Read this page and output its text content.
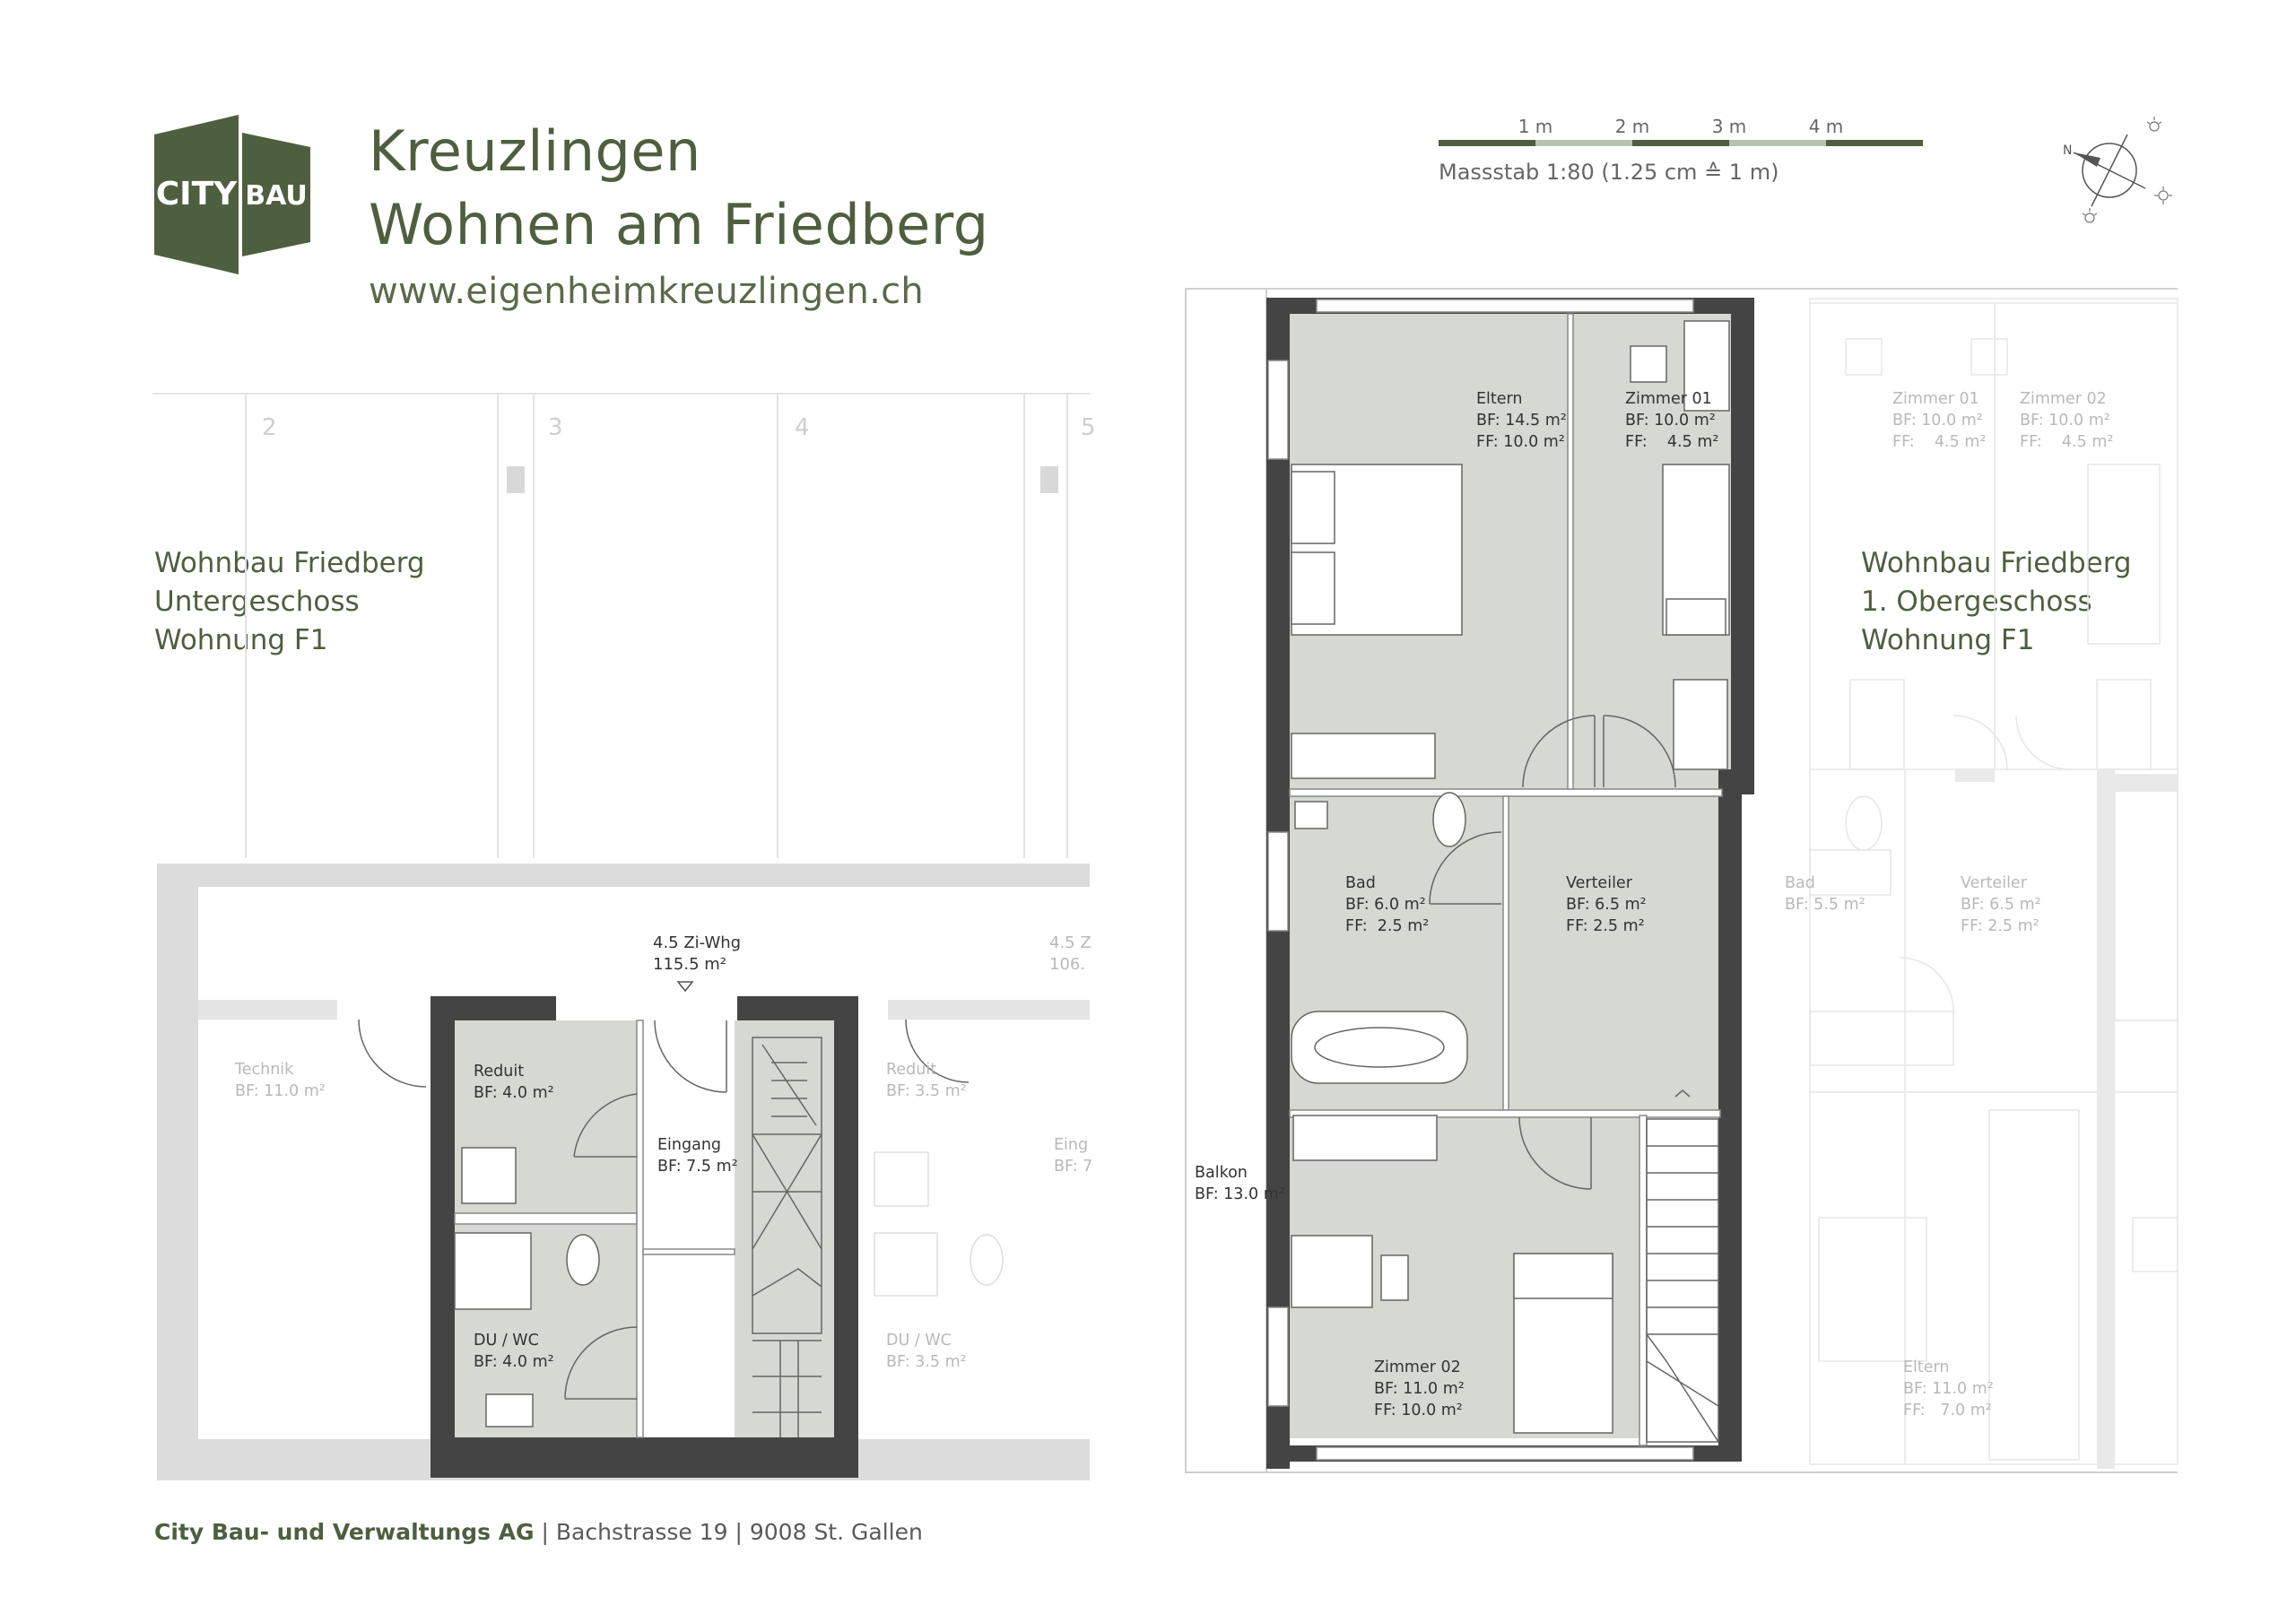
CITY BAU
Kreuzlingen
Wohnen am Friedberg
www.eigenheimkreuzlingen.ch
1 m	2 m	3 m	4 m
Massstab 1:80 (1.25 cm ≙ 1 m)
N
Wohnbau Friedberg
Untergeschoss
Wohnung F1
2	3	4	5
4.5 Zi-Whg
115.5 m²
4.5 Z
106.
Reduit
BF: 4.0 m²
Eingang
BF: 7.5 m²
DU / WC
BF: 4.0 m²
Technik
BF: 11.0 m²
Reduit
BF: 3.5 m²
DU / WC
BF: 3.5 m²
Eing
BF: 7
Wohnbau Friedberg
1. Obergeschoss
Wohnung F1
Eltern
BF: 14.5 m²
FF: 10.0 m²
Zimmer 01
BF: 10.0 m²
FF:    4.5 m²
Bad
BF: 6.0 m²
FF:  2.5 m²
Verteiler
BF: 6.5 m²
FF: 2.5 m²
Zimmer 02
BF: 11.0 m²
FF: 10.0 m²
Balkon
BF: 13.0 m²
Zimmer 01
BF: 10.0 m²
FF:    4.5 m²
Zimmer 02
BF: 10.0 m²
FF:    4.5 m²
Bad
BF: 5.5 m²
Verteiler
BF: 6.5 m²
FF: 2.5 m²
Eltern
BF: 11.0 m²
FF:   7.0 m²
City Bau- und Verwaltungs AG | Bachstrasse 19 | 9008 St. Gallen
